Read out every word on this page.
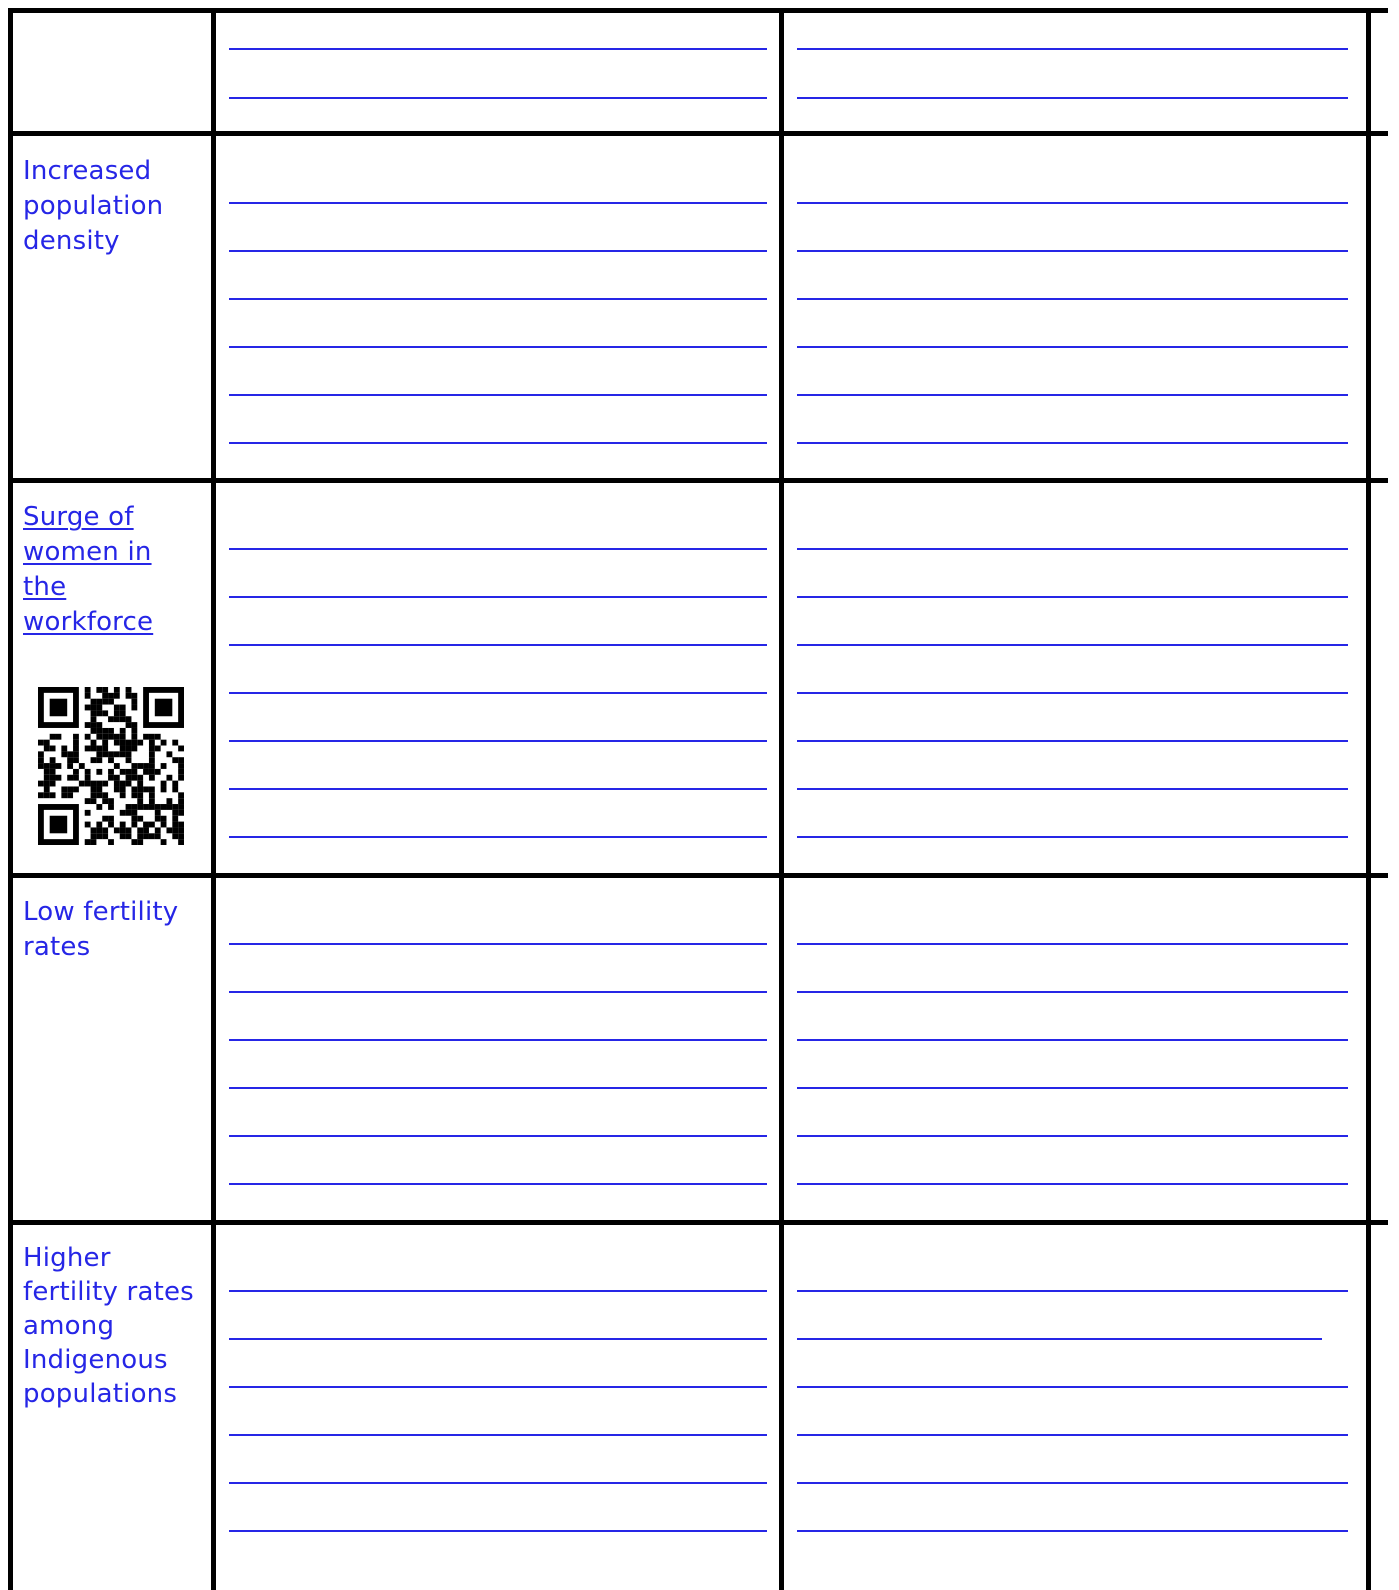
Increased population density
Surge of women in the workforce
Low fertility rates
Higher fertility rates among Indigenous populations
